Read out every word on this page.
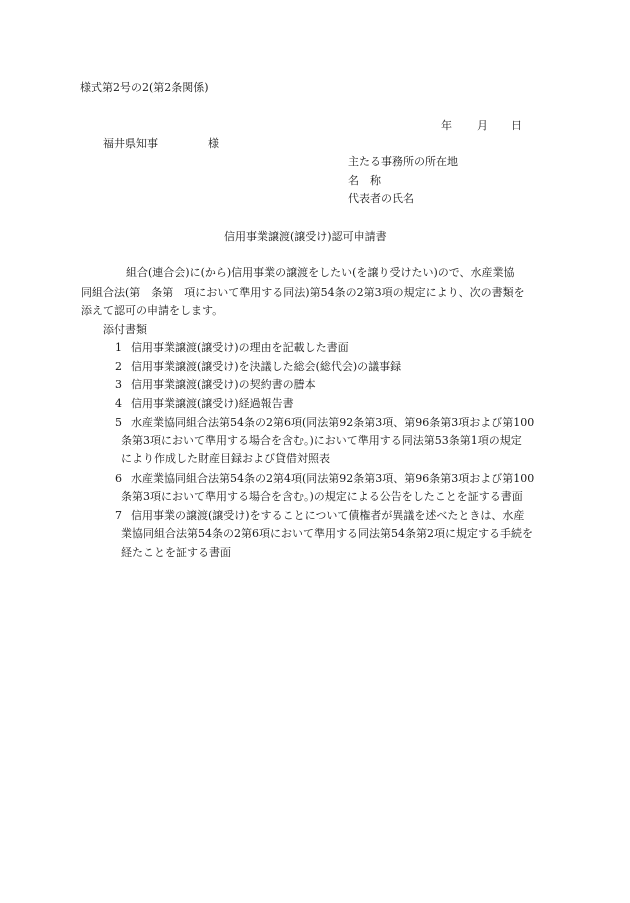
様式第2号の2(第2条関係)
年 月 日
福井県知事	様
主たる事務所の所在地
名　称
代表者の氏名
信用事業譲渡(譲受け)認可申請書
組合(連合会)に(から)信用事業の譲渡をしたい(を譲り受けたい)ので、水産業協
同組合法(第　条第　項において準用する同法)第54条の2第3項の規定により、次の書類を
添えて認可の申請をします。
添付書類
1 信用事業譲渡(譲受け)の理由を記載した書面
2 信用事業譲渡(譲受け)を決議した総会(総代会)の議事録
3 信用事業譲渡(譲受け)の契約書の謄本
4 信用事業譲渡(譲受け)経過報告書
5 水産業協同組合法第54条の2第6項(同法第92条第3項、第96条第3項および第100
条第3項において準用する場合を含む。)において準用する同法第53条第1項の規定
により作成した財産目録および貸借対照表
6 水産業協同組合法第54条の2第4項(同法第92条第3項、第96条第3項および第100
条第3項において準用する場合を含む。)の規定による公告をしたことを証する書面
7 信用事業の譲渡(譲受け)をすることについて債権者が異議を述べたときは、水産
業協同組合法第54条の2第6項において準用する同法第54条第2項に規定する手続を
経たことを証する書面
